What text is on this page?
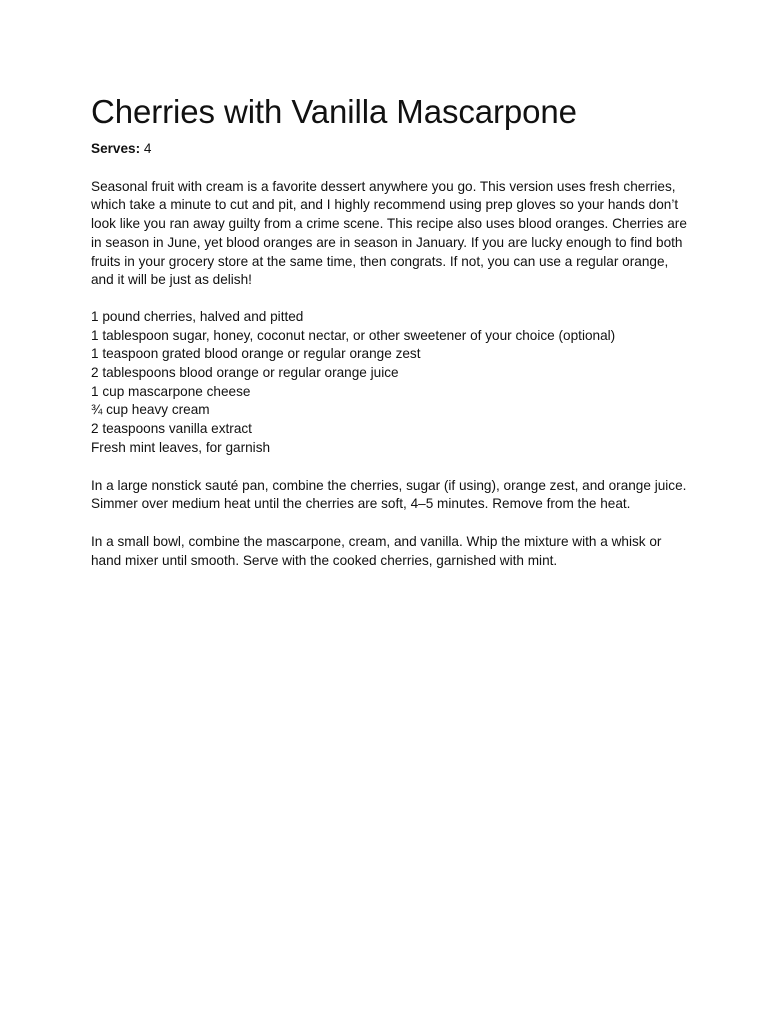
Cherries with Vanilla Mascarpone
Serves: 4

Seasonal fruit with cream is a favorite dessert anywhere you go. This version uses fresh cherries, which take a minute to cut and pit, and I highly recommend using prep gloves so your hands don’t look like you ran away guilty from a crime scene. This recipe also uses blood oranges. Cherries are in season in June, yet blood oranges are in season in January. If you are lucky enough to find both fruits in your grocery store at the same time, then congrats. If not, you can use a regular orange, and it will be just as delish!

1 pound cherries, halved and pitted
1 tablespoon sugar, honey, coconut nectar, or other sweetener of your choice (optional)
1 teaspoon grated blood orange or regular orange zest
2 tablespoons blood orange or regular orange juice
1 cup mascarpone cheese
¾ cup heavy cream
2 teaspoons vanilla extract
Fresh mint leaves, for garnish

In a large nonstick sauté pan, combine the cherries, sugar (if using), orange zest, and orange juice. Simmer over medium heat until the cherries are soft, 4–5 minutes. Remove from the heat.

In a small bowl, combine the mascarpone, cream, and vanilla. Whip the mixture with a whisk or hand mixer until smooth. Serve with the cooked cherries, garnished with mint.
